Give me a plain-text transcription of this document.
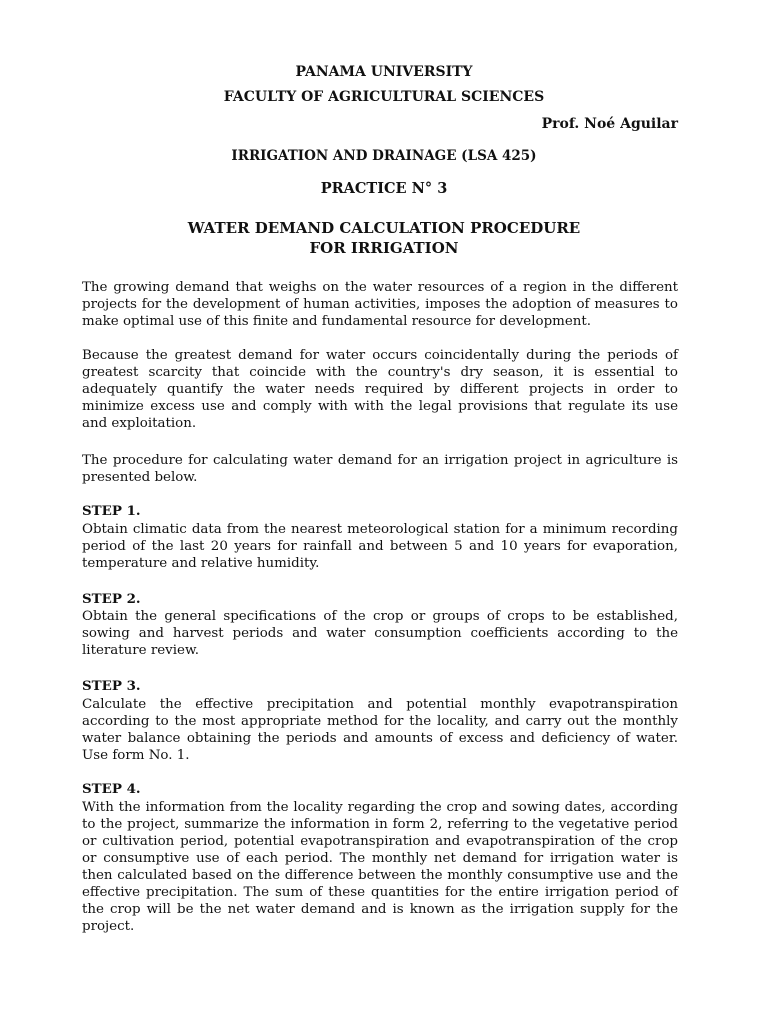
PANAMA UNIVERSITY
FACULTY OF AGRICULTURAL SCIENCES
Prof. Noé Aguilar
IRRIGATION AND DRAINAGE (LSA 425)
PRACTICE N° 3
WATER DEMAND CALCULATION PROCEDURE
FOR IRRIGATION

The growing demand that weighs on the water resources of a region in the different projects for the development of human activities, imposes the adoption of measures to make optimal use of this finite and fundamental resource for development.

Because the greatest demand for water occurs coincidentally during the periods of greatest scarcity that coincide with the country's dry season, it is essential to adequately quantify the water needs required by different projects in order to minimize excess use and comply with with the legal provisions that regulate its use and exploitation.

The procedure for calculating water demand for an irrigation project in agriculture is presented below.

STEP 1.

Obtain climatic data from the nearest meteorological station for a minimum recording period of the last 20 years for rainfall and between 5 and 10 years for evaporation, temperature and relative humidity.

STEP 2.

Obtain the general specifications of the crop or groups of crops to be established, sowing and harvest periods and water consumption coefficients according to the literature review.

STEP 3.

Calculate the effective precipitation and potential monthly evapotranspiration according to the most appropriate method for the locality, and carry out the monthly water balance obtaining the periods and amounts of excess and deficiency of water. Use form No. 1.

STEP 4.

With the information from the locality regarding the crop and sowing dates, according to the project, summarize the information in form 2, referring to the vegetative period or cultivation period, potential evapotranspiration and evapotranspiration of the crop or consumptive use of each period. The monthly net demand for irrigation water is then calculated based on the difference between the monthly consumptive use and the effective precipitation. The sum of these quantities for the entire irrigation period of the crop will be the net water demand and is known as the irrigation supply for the project.
